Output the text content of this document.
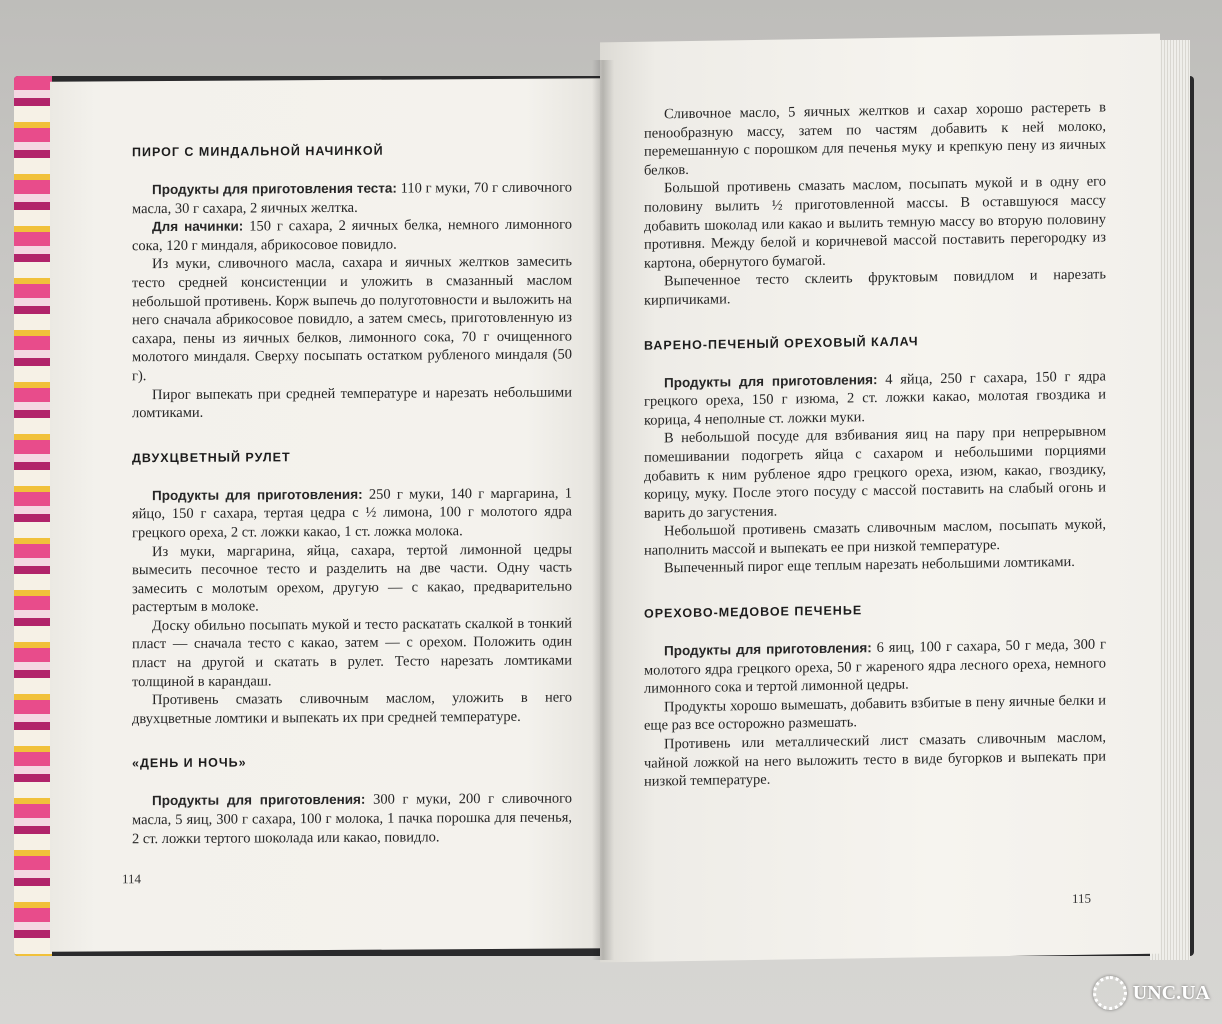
ПИРОГ С МИНДАЛЬНОЙ НАЧИНКОЙ

Продукты для приготовления теста: 110 г муки, 70 г сливочного масла, 30 г сахара, 2 яичных желтка.

Для начинки: 150 г сахара, 2 яичных белка, немного лимонного сока, 120 г миндаля, абрикосовое повидло.

Из муки, сливочного масла, сахара и яичных желтков замесить тесто средней консистенции и уложить в смазанный маслом небольшой противень. Корж выпечь до полуготовности и выложить на него сначала абрикосовое повидло, а затем смесь, приготовленную из сахара, пены из яичных белков, лимонного сока, 70 г очищенного молотого миндаля. Сверху посыпать остатком рубленого миндаля (50 г).

Пирог выпекать при средней температуре и нарезать небольшими ломтиками.

ДВУХЦВЕТНЫЙ РУЛЕТ

Продукты для приготовления: 250 г муки, 140 г маргарина, 1 яйцо, 150 г сахара, тертая цедра с ½ лимона, 100 г молотого ядра грецкого ореха, 2 ст. ложки какао, 1 ст. ложка молока.

Из муки, маргарина, яйца, сахара, тертой лимонной цедры вымесить песочное тесто и разделить на две части. Одну часть замесить с молотым орехом, другую — с какао, предварительно растертым в молоке.

Доску обильно посыпать мукой и тесто раскатать скалкой в тонкий пласт — сначала тесто с какао, затем — с орехом. Положить один пласт на другой и скатать в рулет. Тесто нарезать ломтиками толщиной в карандаш.

Противень смазать сливочным маслом, уложить в него двухцветные ломтики и выпекать их при средней температуре.

«ДЕНЬ И НОЧЬ»

Продукты для приготовления: 300 г муки, 200 г сливочного масла, 5 яиц, 300 г сахара, 100 г молока, 1 пачка порошка для печенья, 2 ст. ложки тертого шоколада или какао, повидло.

114

Сливочное масло, 5 яичных желтков и сахар хорошо растереть в пенообразную массу, затем по частям добавить к ней молоко, перемешанную с порошком для печенья муку и крепкую пену из яичных белков.

Большой противень смазать маслом, посыпать мукой и в одну его половину вылить ½ приготовленной массы. В оставшуюся массу добавить шоколад или какао и вылить темную массу во вторую половину противня. Между белой и коричневой массой поставить перегородку из картона, обернутого бумагой.

Выпеченное тесто склеить фруктовым повидлом и нарезать кирпичиками.

ВАРЕНО-ПЕЧЕНЫЙ ОРЕХОВЫЙ КАЛАЧ

Продукты для приготовления: 4 яйца, 250 г сахара, 150 г ядра грецкого ореха, 150 г изюма, 2 ст. ложки какао, молотая гвоздика и корица, 4 неполные ст. ложки муки.

В небольшой посуде для взбивания яиц на пару при непрерывном помешивании подогреть яйца с сахаром и небольшими порциями добавить к ним рубленое ядро грецкого ореха, изюм, какао, гвоздику, корицу, муку. После этого посуду с массой поставить на слабый огонь и варить до загустения.

Небольшой противень смазать сливочным маслом, посыпать мукой, наполнить массой и выпекать ее при низкой температуре.

Выпеченный пирог еще теплым нарезать небольшими ломтиками.

ОРЕХОВО-МЕДОВОЕ ПЕЧЕНЬЕ

Продукты для приготовления: 6 яиц, 100 г сахара, 50 г меда, 300 г молотого ядра грецкого ореха, 50 г жареного ядра лесного ореха, немного лимонного сока и тертой лимонной цедры.

Продукты хорошо вымешать, добавить взбитые в пену яичные белки и еще раз все осторожно размешать.

Противень или металлический лист смазать сливочным маслом, чайной ложкой на него выложить тесто в виде бугорков и выпекать при низкой температуре.

115
UNC.UA
